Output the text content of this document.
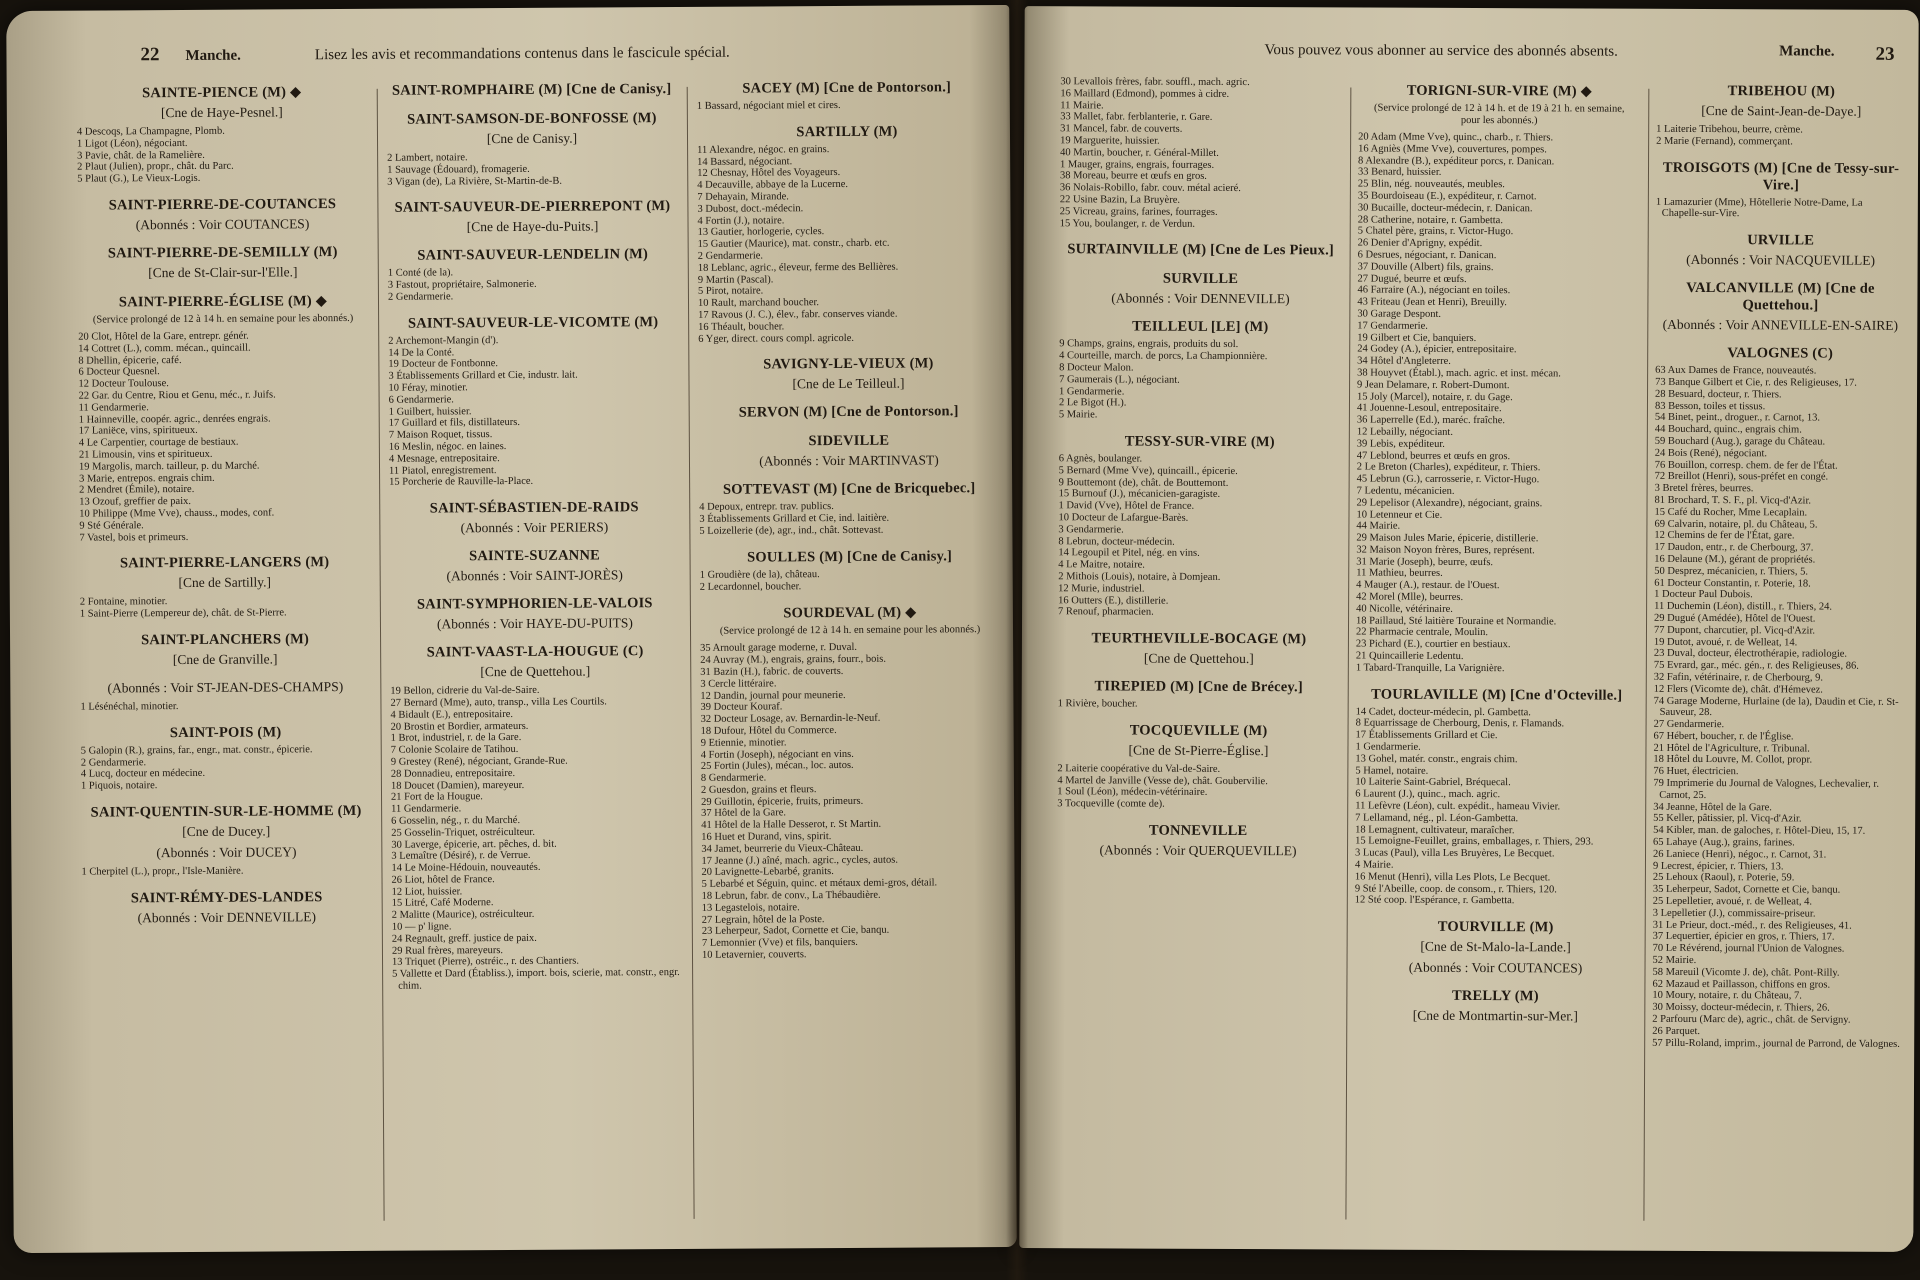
22 Manche.	Lisez les avis et recommandations contenus dans le fascicule spécial.
SAINTE-PIENCE (M) ◆
[Cne de Haye-Pesnel.]
4 Descoqs, La Champagne, Plomb.
1 Ligot (Léon), négociant.
3 Pavie, chât. de la Ramelière.
2 Plaut (Julien), propr., chât. du Parc.
5 Plaut (G.), Le Vieux-Logis.
SAINT-PIERRE-DE-COUTANCES
(Abonnés : Voir COUTANCES)
SAINT-PIERRE-DE-SEMILLY (M)
[Cne de St-Clair-sur-l'Elle.]
SAINT-PIERRE-ÉGLISE (M) ◆
(Service prolongé de 12 à 14 h. en semaine pour les abonnés.)
20 Clot, Hôtel de la Gare, entrepr. génér.
14 Cottret (L.), comm. mécan., quincaill.
8 Dhellin, épicerie, café.
6 Docteur Quesnel.
12 Docteur Toulouse.
22 Gar. du Centre, Riou et Genu, méc., r. Juifs.
11 Gendarmerie.
1 Hainneville, coopér. agric., denrées engrais.
17 Laniëce, vins, spiritueux.
4 Le Carpentier, courtage de bestiaux.
21 Limousin, vins et spiritueux.
19 Margolis, march. tailleur, p. du Marché.
3 Marie, entrepos. engrais chim.
2 Mendret (Émile), notaire.
13 Ozouf, greffier de paix.
10 Philippe (Mme Vve), chauss., modes, conf.
9 Sté Générale.
7 Vastel, bois et primeurs.
SAINT-PIERRE-LANGERS (M)
[Cne de Sartilly.]
2 Fontaine, minotier.
1 Saint-Pierre (Lempereur de), chât. de St-Pierre.
SAINT-PLANCHERS (M)
[Cne de Granville.]
(Abonnés : Voir ST-JEAN-DES-CHAMPS)
1 Lésénéchal, minotier.
SAINT-POIS (M)
5 Galopin (R.), grains, far., engr., mat. constr., épicerie.
2 Gendarmerie.
4 Lucq, docteur en médecine.
1 Piquois, notaire.
SAINT-QUENTIN-SUR-LE-HOMME (M)
[Cne de Ducey.]
(Abonnés : Voir DUCEY)
1 Cherpitel (L.), propr., l'Isle-Manière.
SAINT-RÉMY-DES-LANDES
(Abonnés : Voir DENNEVILLE)
SAINT-ROMPHAIRE (M) [Cne de Canisy.]
SAINT-SAMSON-DE-BONFOSSE (M)
[Cne de Canisy.]
2 Lambert, notaire.
1 Sauvage (Édouard), fromagerie.
3 Vigan (de), La Rivière, St-Martin-de-B.
SAINT-SAUVEUR-DE-PIERREPONT (M)
[Cne de Haye-du-Puits.]
SAINT-SAUVEUR-LENDELIN (M)
1 Conté (de la).
3 Fastout, propriétaire, Salmonerie.
2 Gendarmerie.
SAINT-SAUVEUR-LE-VICOMTE (M)
2 Archemont-Mangin (d').
14 De la Conté.
19 Docteur de Fontbonne.
3 Établissements Grillard et Cie, industr. lait.
10 Féray, minotier.
6 Gendarmerie.
1 Guilbert, huissier.
17 Guillard et fils, distillateurs.
7 Maison Roquet, tissus.
16 Meslin, négoc. en laines.
4 Mesnage, entrepositaire.
11 Piatol, enregistrement.
15 Porcherie de Rauville-la-Place.
SAINT-SÉBASTIEN-DE-RAIDS
(Abonnés : Voir PERIERS)
SAINTE-SUZANNE
(Abonnés : Voir SAINT-JORÈS)
SAINT-SYMPHORIEN-LE-VALOIS
(Abonnés : Voir HAYE-DU-PUITS)
SAINT-VAAST-LA-HOUGUE (C)
[Cne de Quettehou.]
19 Bellon, cidrerie du Val-de-Saire.
27 Bernard (Mme), auto, transp., villa Les Courtils.
4 Bidault (E.), entrepositaire.
20 Brostin et Bordier, armateurs.
1 Brot, industriel, r. de la Gare.
7 Colonie Scolaire de Tatihou.
9 Grestey (René), négociant, Grande-Rue.
28 Donnadieu, entrepositaire.
18 Doucet (Damien), mareyeur.
21 Fort de la Hougue.
11 Gendarmerie.
6 Gosselin, nég., r. du Marché.
25 Gosselin-Triquet, ostréiculteur.
30 Laverge, épicerie, art. pêches, d. bit.
3 Lemaître (Désiré), r. de Verrue.
14 Le Moine-Hédouin, nouveautés.
26 Liot, hôtel de France.
12 Liot, huissier.
15 Litré, Café Moderne.
2 Malitte (Maurice), ostréiculteur.
10 — p' ligne.
24 Regnault, greff. justice de paix.
29 Rual frères, mareyeurs.
13 Triquet (Pierre), ostréic., r. des Chantiers.
5 Vallette et Dard (Établiss.), import. bois, scierie, mat. constr., engr. chim.
SACEY (M) [Cne de Pontorson.]
1 Bassard, négociant miel et cires.
SARTILLY (M)
11 Alexandre, négoc. en grains.
14 Bassard, négociant.
12 Chesnay, Hôtel des Voyageurs.
4 Decauville, abbaye de la Lucerne.
7 Dehayain, Mirande.
3 Dubost, doct.-médecin.
4 Fortin (J.), notaire.
13 Gautier, horlogerie, cycles.
15 Gautier (Maurice), mat. constr., charb. etc.
2 Gendarmerie.
18 Leblanc, agric., éleveur, ferme des Bellières.
9 Martin (Pascal).
5 Pirot, notaire.
10 Rault, marchand boucher.
17 Ravous (J. C.), élev., fabr. conserves viande.
16 Théault, boucher.
6 Yger, direct. cours compl. agricole.
SAVIGNY-LE-VIEUX (M)
[Cne de Le Teilleul.]
SERVON (M) [Cne de Pontorson.]
SIDEVILLE
(Abonnés : Voir MARTINVAST)
SOTTEVAST (M) [Cne de Bricquebec.]
4 Depoux, entrepr. trav. publics.
3 Établissements Grillard et Cie, ind. laitière.
5 Loizellerie (de), agr., ind., chât. Sottevast.
SOULLES (M) [Cne de Canisy.]
1 Groudière (de la), château.
2 Lecardonnel, boucher.
SOURDEVAL (M) ◆
(Service prolongé de 12 à 14 h. en semaine pour les abonnés.)
35 Arnoult garage moderne, r. Duval.
24 Auvray (M.), engrais, grains, fourr., bois.
31 Bazin (H.), fabric. de couverts.
3 Cercle littéraire.
12 Dandin, journal pour meunerie.
39 Docteur Kouraf.
32 Docteur Losage, av. Bernardin-le-Neuf.
18 Dufour, Hôtel du Commerce.
9 Etiennie, minotier.
4 Fortin (Joseph), négociant en vins.
25 Fortin (Jules), mécan., loc. autos.
8 Gendarmerie.
2 Guesdon, grains et fleurs.
29 Guillotin, épicerie, fruits, primeurs.
37 Hôtel de la Gare.
41 Hôtel de la Halle Desserot, r. St Martin.
16 Huet et Durand, vins, spirit.
34 Jamet, beurrerie du Vieux-Château.
17 Jeanne (J.) aîné, mach. agric., cycles, autos.
20 Lavignette-Lebarbé, granits.
5 Lebarbé et Séguin, quinc. et métaux demi-gros, détail.
18 Lebrun, fabr. de conv., La Thébaudière.
13 Legastelois, notaire.
27 Legrain, hôtel de la Poste.
23 Leherpeur, Sadot, Cornette et Cie, banqu.
7 Lemonnier (Vve) et fils, banquiers.
10 Letavernier, couverts.
Vous pouvez vous abonner au service des abonnés absents.	Manche. 23
30 Levallois frères, fabr. souffl., mach. agric.
16 Maillard (Edmond), pommes à cidre.
11 Mairie.
33 Mallet, fabr. ferblanterie, r. Gare.
31 Mancel, fabr. de couverts.
19 Marguerite, huissier.
40 Martin, boucher, r. Général-Millet.
1 Mauger, grains, engrais, fourrages.
38 Moreau, beurre et œufs en gros.
36 Nolais-Robillo, fabr. couv. métal acieré.
22 Usine Bazin, La Bruyère.
25 Vicreau, grains, farines, fourrages.
15 You, boulanger, r. de Verdun.
SURTAINVILLE (M) [Cne de Les Pieux.]
SURVILLE
(Abonnés : Voir DENNEVILLE)
TEILLEUL [LE] (M)
9 Champs, grains, engrais, produits du sol.
4 Courteille, march. de porcs, La Championnière.
8 Docteur Malon.
7 Gaumerais (L.), négociant.
1 Gendarmerie.
2 Le Bigot (H.).
5 Mairie.
TESSY-SUR-VIRE (M)
6 Agnès, boulanger.
5 Bernard (Mme Vve), quincaill., épicerie.
9 Bouttemont (de), chât. de Bouttemont.
15 Burnouf (J.), mécanicien-garagiste.
1 David (Vve), Hôtel de France.
10 Docteur de Lafargue-Barès.
3 Gendarmerie.
8 Lebrun, docteur-médecin.
14 Legoupil et Pitel, nég. en vins.
4 Le Maitre, notaire.
2 Mithois (Louis), notaire, à Domjean.
12 Murie, industriel.
16 Outters (E.), distillerie.
7 Renouf, pharmacien.
TEURTHEVILLE-BOCAGE (M)
[Cne de Quettehou.]
TIREPIED (M) [Cne de Brécey.]
1 Rivière, boucher.
TOCQUEVILLE (M)
[Cne de St-Pierre-Église.]
2 Laiterie coopérative du Val-de-Saire.
4 Martel de Janville (Vesse de), chât. Goubervilie.
1 Soul (Léon), médecin-vétérinaire.
3 Tocqueville (comte de).
TONNEVILLE
(Abonnés : Voir QUERQUEVILLE)
TORIGNI-SUR-VIRE (M) ◆
(Service prolongé de 12 à 14 h. et de 19 à 21 h. en semaine, pour les abonnés.)
20 Adam (Mme Vve), quinc., charb., r. Thiers.
16 Agniès (Mme Vve), couvertures, pompes.
8 Alexandre (B.), expéditeur porcs, r. Danican.
33 Benard, huissier.
25 Blin, nég. nouveautés, meubles.
35 Bourdoiseau (E.), expéditeur, r. Carnot.
30 Bucaille, docteur-médecin, r. Danican.
28 Catherine, notaire, r. Gambetta.
5 Chatel père, grains, r. Victor-Hugo.
26 Denier d'Aprigny, expédit.
6 Desrues, négociant, r. Danican.
37 Douville (Albert) fils, grains.
27 Dugué, beurre et œufs.
46 Farraire (A.), négociant en toiles.
43 Friteau (Jean et Henri), Breuilly.
30 Garage Despont.
17 Gendarmerie.
19 Gilbert et Cie, banquiers.
24 Godey (A.), épicier, entrepositaire.
34 Hôtel d'Angleterre.
38 Houyvet (Établ.), mach. agric. et inst. mécan.
9 Jean Delamare, r. Robert-Dumont.
15 Joly (Marcel), notaire, r. du Gage.
41 Jouenne-Lesoul, entrepositaire.
36 Laperrelle (Ed.), maréc. fraîche.
12 Lebailly, négociant.
39 Lebis, expéditeur.
47 Leblond, beurres et œufs en gros.
2 Le Breton (Charles), expéditeur, r. Thiers.
45 Lebrun (G.), carrosserie, r. Victor-Hugo.
7 Ledentu, mécanicien.
29 Lepelisor (Alexandre), négociant, grains.
10 Letenneur et Cie.
44 Mairie.
29 Maison Jules Marie, épicerie, distillerie.
32 Maison Noyon frères, Bures, représent.
31 Marie (Joseph), beurre, œufs.
11 Mathieu, beurres.
4 Mauger (A.), restaur. de l'Ouest.
42 Morel (Mlle), beurres.
40 Nicolle, vétérinaire.
18 Paillaud, Sté laitière Touraine et Normandie.
22 Pharmacie centrale, Moulin.
23 Pichard (E.), courtier en bestiaux.
21 Quincaillerie Ledentu.
1 Tabard-Tranquille, La Varignière.
TOURLAVILLE (M) [Cne d'Octeville.]
14 Cadet, docteur-médecin, pl. Gambetta.
8 Equarrissage de Cherbourg, Denis, r. Flamands.
17 Établissements Grillard et Cie.
1 Gendarmerie.
13 Gohel, matér. constr., engrais chim.
5 Hamel, notaire.
10 Laiterie Saint-Gabriel, Bréquecal.
6 Laurent (J.), quinc., mach. agric.
11 Lefèvre (Léon), cult. expédit., hameau Vivier.
7 Lellamand, nég., pl. Léon-Gambetta.
18 Lemagnent, cultivateur, maraîcher.
15 Lemoigne-Feuillet, grains, emballages, r. Thiers, 293.
3 Lucas (Paul), villa Les Bruyères, Le Becquet.
4 Mairie.
16 Menut (Henri), villa Les Plots, Le Becquet.
9 Sté l'Abeille, coop. de consom., r. Thiers, 120.
12 Sté coop. l'Espérance, r. Gambetta.
TOURVILLE (M)
[Cne de St-Malo-la-Lande.]
(Abonnés : Voir COUTANCES)
TRELLY (M)
[Cne de Montmartin-sur-Mer.]
TRIBEHOU (M)
[Cne de Saint-Jean-de-Daye.]
1 Laiterie Tribehou, beurre, crème.
2 Marie (Fernand), commerçant.
TROISGOTS (M) [Cne de Tessy-sur-Vire.]
1 Lamazurier (Mme), Hôtellerie Notre-Dame, La Chapelle-sur-Vire.
URVILLE
(Abonnés : Voir NACQUEVILLE)
VALCANVILLE (M) [Cne de Quettehou.]
(Abonnés : Voir ANNEVILLE-EN-SAIRE)
VALOGNES (C)
63 Aux Dames de France, nouveautés.
73 Banque Gilbert et Cie, r. des Religieuses, 17.
28 Besuard, docteur, r. Thiers.
83 Besson, toiles et tissus.
54 Binet, peint., droguer., r. Carnot, 13.
44 Bouchard, quinc., engrais chim.
59 Bouchard (Aug.), garage du Château.
24 Bois (René), négociant.
76 Bouillon, corresp. chem. de fer de l'État.
72 Breillot (Henri), sous-préfet en congé.
3 Bretel frères, beurres.
81 Brochard, T. S. F., pl. Vicq-d'Azir.
15 Café du Rocher, Mme Lecaplain.
69 Calvarin, notaire, pl. du Château, 5.
12 Chemins de fer de l'État, gare.
17 Daudon, entr., r. de Cherbourg, 37.
16 Delaune (M.), gérant de propriétés.
50 Desprez, mécanicien, r. Thiers, 5.
61 Docteur Constantin, r. Poterie, 18.
1 Docteur Paul Dubois.
11 Duchemin (Léon), distill., r. Thiers, 24.
29 Dugué (Amédée), Hôtel de l'Ouest.
77 Dupont, charcutier, pl. Vicq-d'Azir.
19 Dutot, avoué, r. de Welleat, 14.
23 Duval, docteur, électrothérapie, radiologie.
75 Evrard, gar., méc. gén., r. des Religieuses, 86.
32 Fafin, vétérinaire, r. de Cherbourg, 9.
12 Flers (Vicomte de), chât. d'Hémevez.
74 Garage Moderne, Hurlaine (de la), Daudin et Cie, r. St-Sauveur, 28.
27 Gendarmerie.
67 Hébert, boucher, r. de l'Église.
21 Hôtel de l'Agriculture, r. Tribunal.
18 Hôtel du Louvre, M. Collot, propr.
76 Huet, électricien.
79 Imprimerie du Journal de Valognes, Lechevalier, r. Carnot, 25.
34 Jeanne, Hôtel de la Gare.
55 Keller, pâtissier, pl. Vicq-d'Azir.
54 Kibler, man. de galoches, r. Hôtel-Dieu, 15, 17.
65 Lahaye (Aug.), grains, farines.
26 Laniece (Henri), négoc., r. Carnot, 31.
9 Lecrest, épicier, r. Thiers, 13.
25 Lehoux (Raoul), r. Poterie, 59.
35 Leherpeur, Sadot, Cornette et Cie, banqu.
25 Lepelletier, avoué, r. de Welleat, 4.
3 Lepelletier (J.), commissaire-priseur.
31 Le Prieur, doct.-méd., r. des Religieuses, 41.
37 Lequertier, épicier en gros, r. Thiers, 17.
70 Le Révérend, journal l'Union de Valognes.
52 Mairie.
58 Mareuil (Vicomte J. de), chât. Pont-Rilly.
62 Mazaud et Paillasson, chiffons en gros.
10 Moury, notaire, r. du Château, 7.
30 Moissy, docteur-médecin, r. Thiers, 26.
2 Parfouru (Marc de), agric., chât. de Servigny.
26 Parquet.
57 Pillu-Roland, imprim., journal de Parrond, de Valognes.
